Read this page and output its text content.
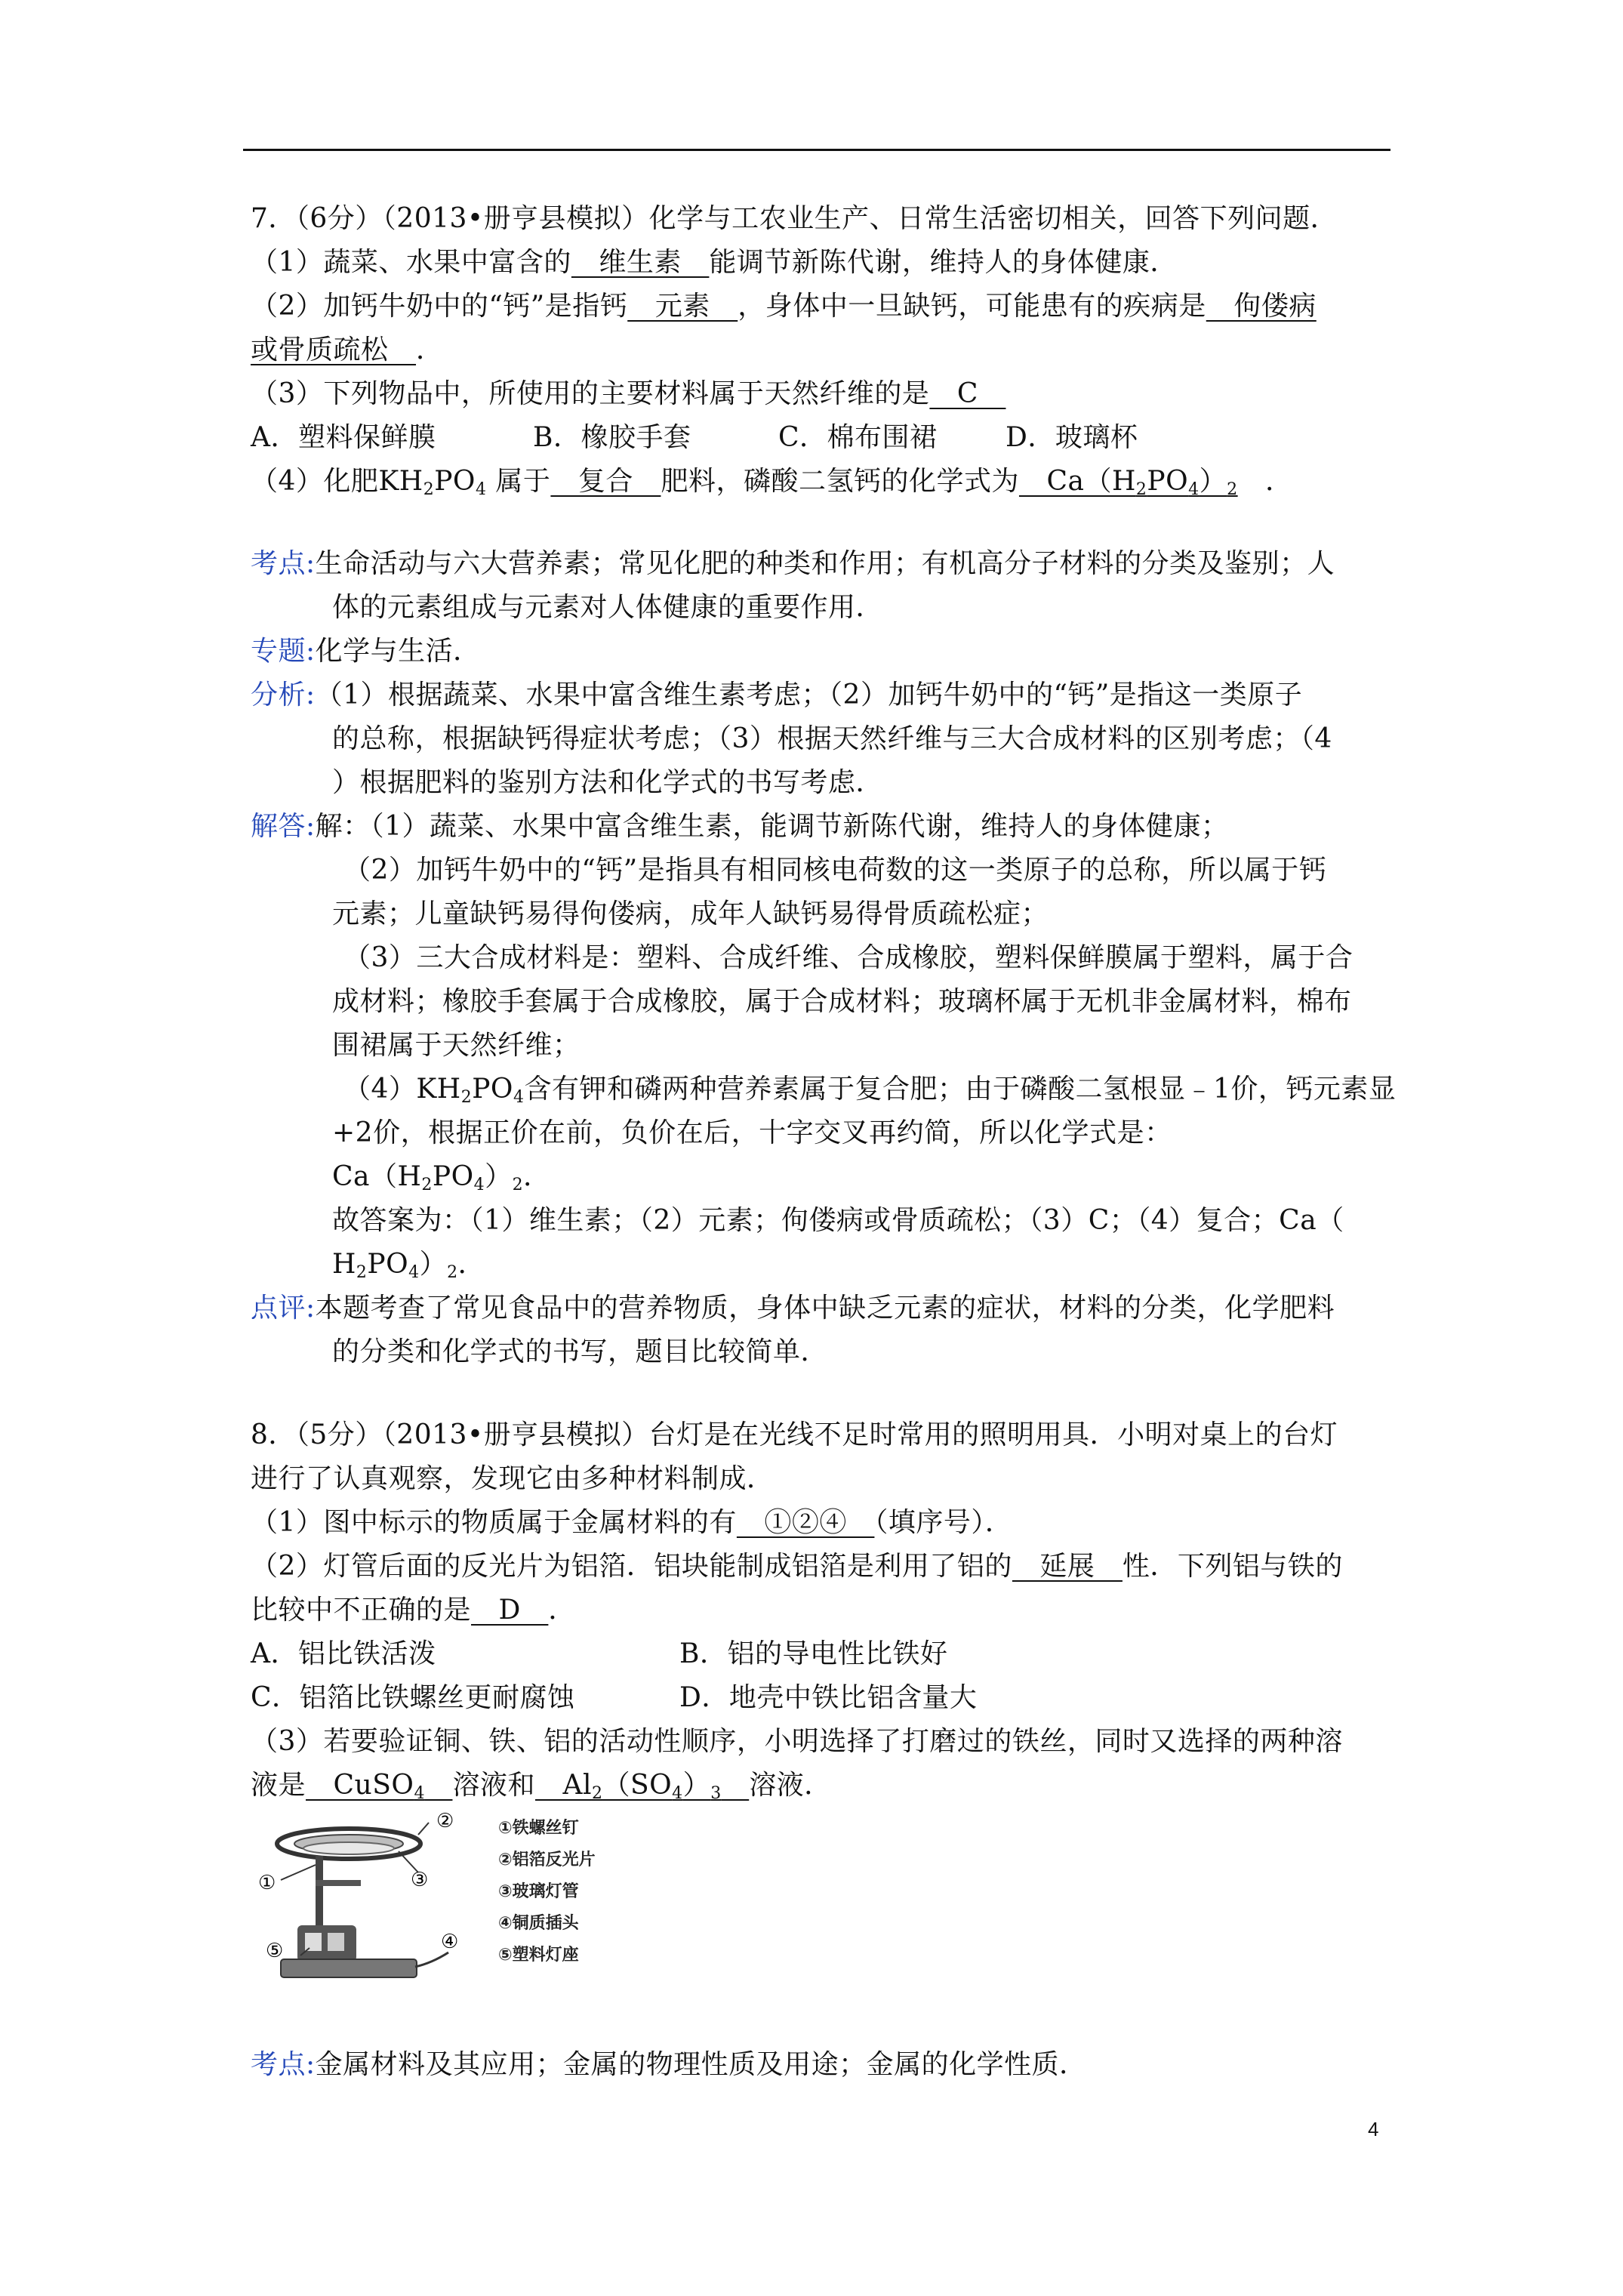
7．（6分）（2013•册亨县模拟）化学与工农业生产、日常生活密切相关，回答下列问题．
（1）蔬菜、水果中富含的　维生素　能调节新陈代谢，维持人的身体健康．
（2）加钙牛奶中的“钙”是指钙　元素　，身体中一旦缺钙，可能患有的疾病是　佝偻病
或骨质疏松　．
（3）下列物品中，所使用的主要材料属于天然纤维的是　C　
A．塑料保鲜膜	B．橡胶手套	C．棉布围裙	D．玻璃杯
（4）化肥$KH_2PO_4$ 属于　复合　肥料，磷酸二氢钙的化学式为　$Ca(H_2PO_4)_2$　．
考点:生命活动与六大营养素；常见化肥的种类和作用；有机高分子材料的分类及鉴别；人
体的元素组成与元素对人体健康的重要作用．
专题:化学与生活．
分析:（1）根据蔬菜、水果中富含维生素考虑；（2）加钙牛奶中的“钙”是指这一类原子
的总称，根据缺钙得症状考虑；（3）根据天然纤维与三大合成材料的区别考虑；（4
）根据肥料的鉴别方法和化学式的书写考虑．
解答:解：（1）蔬菜、水果中富含维生素，能调节新陈代谢，维持人的身体健康；
（2）加钙牛奶中的“钙”是指具有相同核电荷数的这一类原子的总称，所以属于钙
元素；儿童缺钙易得佝偻病，成年人缺钙易得骨质疏松症；
（3）三大合成材料是：塑料、合成纤维、合成橡胶，塑料保鲜膜属于塑料，属于合
成材料；橡胶手套属于合成橡胶，属于合成材料；玻璃杯属于无机非金属材料，棉布
围裙属于天然纤维；
$(4)KH_2PO_4$含有钾和磷两种营养素属于复合肥；由于磷酸二氢根显﹣1价，钙元素显
+2价，根据正价在前，负价在后，十字交叉再约简，所以化学式是：
$Ca(H_2PO_4)_2$．
故答案为：（1）维生素；（2）元素；佝偻病或骨质疏松；（3）C；（4）复合；Ca（
$H_2PO_4)_2$．
点评:本题考查了常见食品中的营养物质，身体中缺乏元素的症状，材料的分类，化学肥料
的分类和化学式的书写，题目比较简单．
8．（5分）（2013•册亨县模拟）台灯是在光线不足时常用的照明用具．小明对桌上的台灯
进行了认真观察，发现它由多种材料制成．
（1）图中标示的物质属于金属材料的有　①②④　（填序号）．
（2）灯管后面的反光片为铝箔．铝块能制成铝箔是利用了铝的　延展　性．下列铝与铁的
比较中不正确的是　D　．
A．铝比铁活泼	B．铝的导电性比铁好
C．铝箔比铁螺丝更耐腐蚀	D．地壳中铁比铝含量大
（3）若要验证铜、铁、铝的活动性顺序，小明选择了打磨过的铁丝，同时又选择的两种溶
液是　CuSO$_4$　 溶液和　$Al_2(SO_4)_3$　 溶液．
②
③
①
⑤	④
①铁螺丝钉
②铝箔反光片
③玻璃灯管
④铜质插头
⑤塑料灯座
考点:金属材料及其应用；金属的物理性质及用途；金属的化学性质．
4
